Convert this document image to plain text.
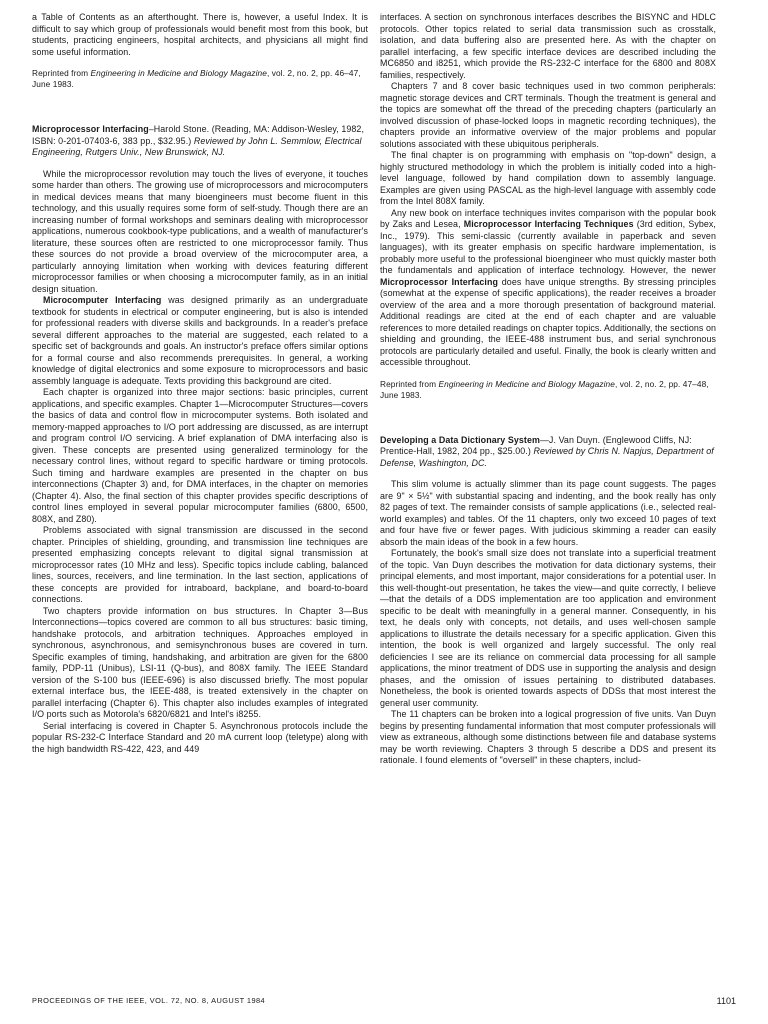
a Table of Contents as an afterthought. There is, however, a useful Index. It is difficult to say which group of professionals would benefit most from this book, but students, practicing engineers, hospital architects, and physicians all might find some useful information.

Reprinted from Engineering in Medicine and Biology Magazine, vol. 2, no. 2, pp. 46–47, June 1983.

Microprocessor Interfacing–Harold Stone. (Reading, MA: Addison-Wesley, 1982, ISBN: 0-201-07403-6, 383 pp., $32.95.) Reviewed by John L. Semmlow, Electrical Engineering, Rutgers Univ., New Brunswick, NJ.

While the microprocessor revolution may touch the lives of everyone, it touches some harder than others. The growing use of microprocessors and microcomputers in medical devices means that many bioengineers must become fluent in this technology, and this usually requires some form of self-study. Though there are an increasing number of formal workshops and seminars dealing with microprocessor applications, numerous cookbook-type publications, and a wealth of manufacturer's literature, these sources often are restricted to one microprocessor family. Thus these sources do not provide a broad overview of the microcomputer area, a particularly annoying limitation when working with devices featuring different microprocessor families or when choosing a microcomputer family, as in an initial design situation.

Microcomputer Interfacing was designed primarily as an undergraduate textbook for students in electrical or computer engineering, but is also is intended for professional readers with diverse skills and backgrounds. In a reader's preface several different approaches to the material are suggested, each related to a specific set of backgrounds and goals. An instructor's preface offers similar options for a formal course and also recommends prerequisites. In general, a working knowledge of digital electronics and some exposure to microprocessors and basic assembly language is adequate. Texts providing this background are cited.

Each chapter is organized into three major sections: basic principles, current applications, and specific examples. Chapter 1—Microcomputer Structures—covers the basics of data and control flow in microcomputer systems. Both isolated and memory-mapped approaches to I/O port addressing are discussed, as are interrupt and program control I/O servicing. A brief explanation of DMA interfacing also is given. These concepts are presented using generalized terminology for the necessary control lines, without regard to specific hardware or timing protocols. Such timing and hardware examples are presented in the chapter on bus interconnections (Chapter 3) and, for DMA interfaces, in the chapter on memories (Chapter 4). Also, the final section of this chapter provides specific descriptions of control lines employed in several popular microcomputer families (6800, 6500, 808X, and Z80).

Problems associated with signal transmission are discussed in the second chapter. Principles of shielding, grounding, and transmission line techniques are presented emphasizing concepts relevant to digital signal transmission at microprocessor rates (10 MHz and less). Specific topics include cabling, balanced lines, sources, receivers, and line termination. In the last section, applications of these concepts are provided for intraboard, backplane, and board-to-board connections.

Two chapters provide information on bus structures. In Chapter 3—Bus Interconnections—topics covered are common to all bus structures: basic timing, handshake protocols, and arbitration techniques. Approaches employed in synchronous, asynchronous, and semisynchronous buses are covered in turn. Specific examples of timing, handshaking, and arbitration are given for the 6800 family, PDP-11 (Unibus), LSI-11 (Q-bus), and 808X family. The IEEE Standard version of the S-100 bus (IEEE-696) is also discussed briefly. The most popular external interface bus, the IEEE-488, is treated extensively in the chapter on parallel interfacing (Chapter 6). This chapter also includes examples of integrated I/O ports such as Motorola's 6820/6821 and Intel's i8255.

Serial interfacing is covered in Chapter 5. Asynchronous protocols include the popular RS-232-C Interface Standard and 20 mA current loop (teletype) along with the high bandwidth RS-422, 423, and 449

interfaces. A section on synchronous interfaces describes the BISYNC and HDLC protocols. Other topics related to serial data transmission such as crosstalk, isolation, and data buffering also are presented here. As with the chapter on parallel interfacing, a few specific interface devices are described including the MC6850 and i8251, which provide the RS-232-C interface for the 6800 and 808X families, respectively.

Chapters 7 and 8 cover basic techniques used in two common peripherals: magnetic storage devices and CRT terminals. Though the treatment is general and the topics are somewhat off the thread of the preceding chapters (particularly an involved discussion of phase-locked loops in magnetic recording techniques), the chapters provide an informative overview of the major problems and popular solutions associated with these ubiquitous peripherals.

The final chapter is on programming with emphasis on "top-down" design, a highly structured methodology in which the problem is initially coded into a high-level language, followed by hand compilation down to assembly language. Examples are given using PASCAL as the high-level language with assembly code from the Intel 808X family.

Any new book on interface techniques invites comparison with the popular book by Zaks and Lesea, Microprocessor Interfacing Techniques (3rd edition, Sybex, Inc., 1979). This semi-classic (currently available in paperback and seven languages), with its greater emphasis on specific hardware implementation, is probably more useful to the professional bioengineer who must quickly master both the fundamentals and application of interface technology. However, the newer Microprocessor Interfacing does have unique strengths. By stressing principles (somewhat at the expense of specific applications), the reader receives a broader overview of the area and a more thorough presentation of background material. Additional readings are cited at the end of each chapter and are valuable references to more detailed readings on chapter topics. Additionally, the sections on shielding and grounding, the IEEE-488 instrument bus, and serial synchronous protocols are particularly detailed and useful. Finally, the book is clearly written and accessible throughout.

Reprinted from Engineering in Medicine and Biology Magazine, vol. 2, no. 2, pp. 47–48, June 1983.

Developing a Data Dictionary System—J. Van Duyn. (Englewood Cliffs, NJ: Prentice-Hall, 1982, 204 pp., $25.00.) Reviewed by Chris N. Napjus, Department of Defense, Washington, DC.

This slim volume is actually slimmer than its page count suggests. The pages are 9" × 5½" with substantial spacing and indenting, and the book really has only 82 pages of text. The remainder consists of sample applications (i.e., selected real-world examples) and tables. Of the 11 chapters, only two exceed 10 pages of text and four have five or fewer pages. With judicious skimming a reader can easily absorb the main ideas of the book in a few hours.

Fortunately, the book's small size does not translate into a superficial treatment of the topic. Van Duyn describes the motivation for data dictionary systems, their principal elements, and most important, major considerations for a potential user. In this well-thought-out presentation, he takes the view—and quite correctly, I believe—that the details of a DDS implementation are too application and environment specific to be dealt with meaningfully in a general manner. Consequently, in his text, he deals only with concepts, not details, and uses well-chosen sample applications to illustrate the details necessary for a specific application. Given this intention, the book is well organized and largely successful. The only real deficiencies I see are its reliance on commercial data processing for all sample applications, the minor treatment of DDS use in supporting the analysis and design phases, and the omission of issues pertaining to distributed databases. Nonetheless, the book is oriented towards aspects of DDSs that most interest the general user community.

The 11 chapters can be broken into a logical progression of five units. Van Duyn begins by presenting fundamental information that most computer professionals will view as extraneous, although some distinctions between file and database systems may be worth reviewing. Chapters 3 through 5 describe a DDS and present its rationale. I found elements of "oversell" in these chapters, includ-

PROCEEDINGS OF THE IEEE, VOL. 72, NO. 8, AUGUST 1984	1101
